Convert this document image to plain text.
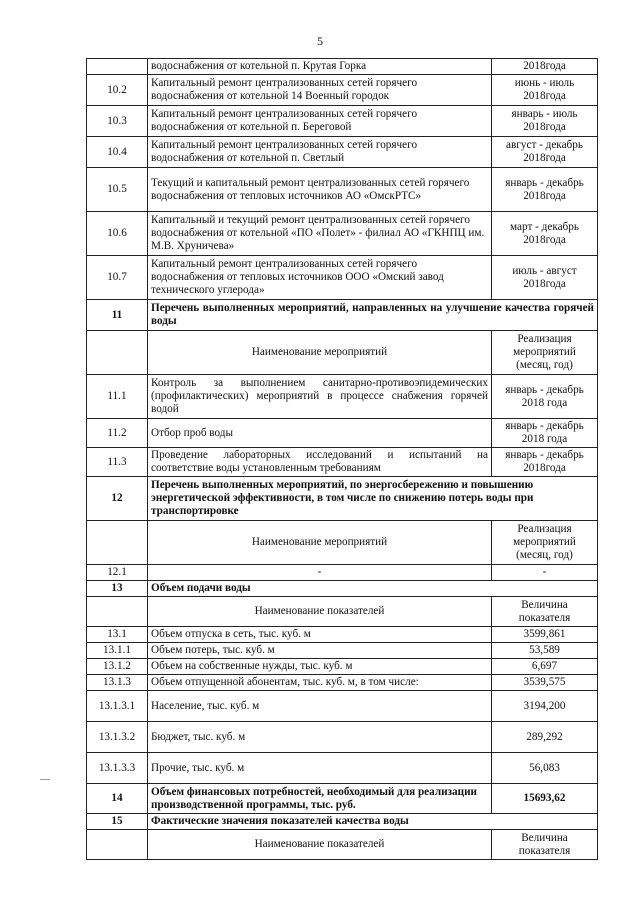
5
	водоснабжения от котельной п. Крутая Горка	2018года
10.2	Капитальный ремонт централизованных сетей горячего водоснабжения от котельной 14 Военный городок	июнь - июль 2018года
10.3	Капитальный ремонт централизованных сетей горячего водоснабжения от котельной п. Береговой	январь - июль 2018года
10.4	Капитальный ремонт централизованных сетей горячего водоснабжения от котельной п. Светлый	август - декабрь 2018года
10.5	Текущий и капитальный ремонт централизованных сетей горячего водоснабжения от тепловых источников АО «ОмскРТС»	январь - декабрь 2018года
10.6	Капитальный и текущий ремонт централизованных сетей горячего водоснабжения от котельной «ПО «Полет» - филиал АО «ГКНПЦ им. М.В. Хруничева»	март - декабрь 2018года
10.7	Капитальный ремонт централизованных сетей горячего водоснабжения от тепловых источников ООО «Омский завод технического углерода»	июль - август 2018года
11	Перечень выполненных мероприятий, направленных на улучшение качества горячей воды	
	Наименование мероприятий	Реализация мероприятий (месяц, год)
11.1	Контроль за выполнением санитарно-противоэпидемических (профилактических) мероприятий в процессе снабжения горячей водой	январь - декабрь 2018 года
11.2	Отбор проб воды	январь - декабрь 2018 года
11.3	Проведение лабораторных исследований и испытаний на соответствие воды установленным требованиям	январь - декабрь 2018года
12	Перечень выполненных мероприятий, по энергосбережению и повышению энергетической эффективности, в том числе по снижению потерь воды при транспортировке	
	Наименование мероприятий	Реализация мероприятий (месяц, год)
12.1	-	-
13	Объем подачи воды	
	Наименование показателей	Величина показателя
13.1	Объем отпуска в сеть, тыс. куб. м	3599,861
13.1.1	Объем потерь, тыс. куб. м	53,589
13.1.2	Объем на собственные нужды, тыс. куб. м	6,697
13.1.3	Объем отпущенной абонентам, тыс. куб. м, в том числе:	3539,575
13.1.3.1	Население, тыс. куб. м	3194,200
13.1.3.2	Бюджет, тыс. куб. м	289,292
13.1.3.3	Прочие, тыс. куб. м	56,083
14	Объем финансовых потребностей, необходимый для реализации производственной программы, тыс. руб.	15693,62
15	Фактические значения показателей качества воды	
	Наименование показателей	Величина показателя
